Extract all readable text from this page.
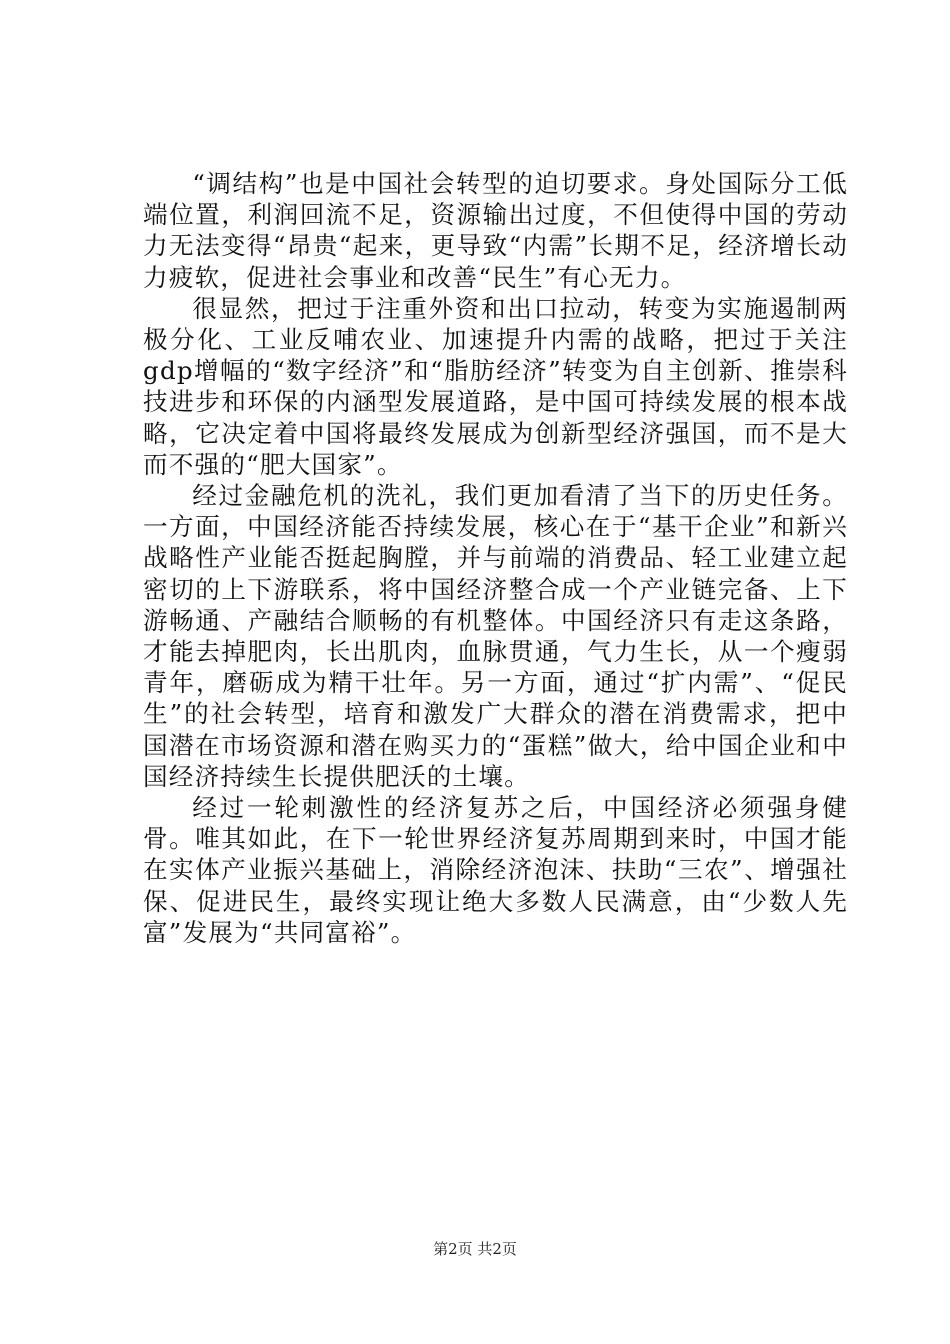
“调结构”也是中国社会转型的迫切要求。身处国际分工低端位置，利润回流不足，资源输出过度，不但使得中国的劳动力无法变得“昂贵“起来，更导致“内需”长期不足，经济增长动力疲软，促进社会事业和改善“民生”有心无力。

很显然，把过于注重外资和出口拉动，转变为实施遏制两极分化、工业反哺农业、加速提升内需的战略，把过于关注gdp增幅的“数字经济”和“脂肪经济”转变为自主创新、推崇科技进步和环保的内涵型发展道路，是中国可持续发展的根本战略，它决定着中国将最终发展成为创新型经济强国，而不是大而不强的“肥大国家”。

经过金融危机的洗礼，我们更加看清了当下的历史任务。一方面，中国经济能否持续发展，核心在于“基干企业”和新兴战略性产业能否挺起胸膛，并与前端的消费品、轻工业建立起密切的上下游联系，将中国经济整合成一个产业链完备、上下游畅通、产融结合顺畅的有机整体。中国经济只有走这条路，才能去掉肥肉，长出肌肉，血脉贯通，气力生长，从一个瘦弱青年，磨砺成为精干壮年。另一方面，通过“扩内需”、“促民生”的社会转型，培育和激发广大群众的潜在消费需求，把中国潜在市场资源和潜在购买力的“蛋糕”做大，给中国企业和中国经济持续生长提供肥沃的土壤。

经过一轮刺激性的经济复苏之后，中国经济必须强身健骨。唯其如此，在下一轮世界经济复苏周期到来时，中国才能在实体产业振兴基础上，消除经济泡沫、扶助“三农”、增强社保、促进民生，最终实现让绝大多数人民满意，由“少数人先富”发展为“共同富裕”。

第2页 共2页
